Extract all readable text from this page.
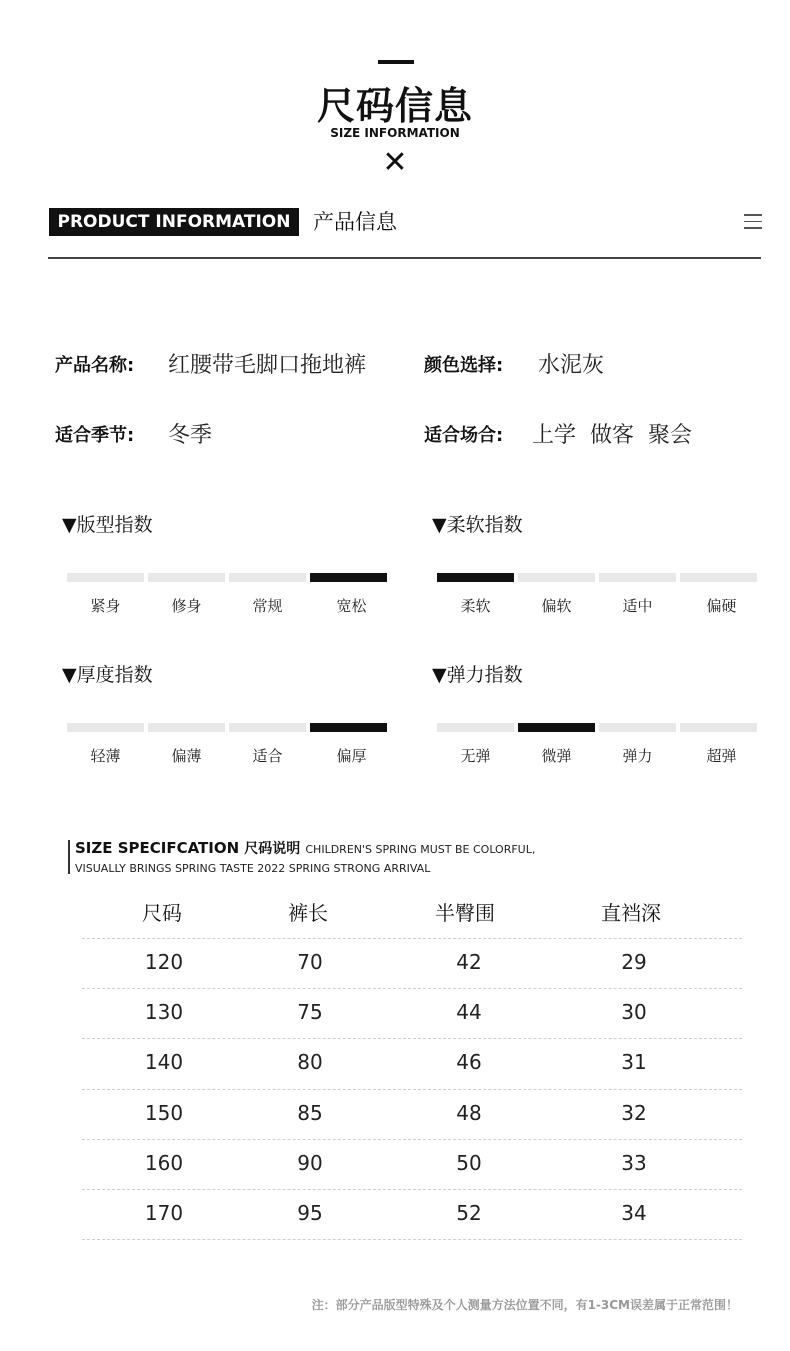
尺码信息
SIZE INFORMATION
✕
PRODUCT INFORMATION	产品信息
产品名称: 红腰带毛脚口拖地裤	颜色选择: 水泥灰
适合季节: 冬季	适合场合: 上学  做客  聚会
▼版型指数
紧身	修身	常规	宽松
▼柔软指数
柔软	偏软	适中	偏硬
▼厚度指数
轻薄	偏薄	适合	偏厚
▼弹力指数
无弹	微弹	弹力	超弹
SIZE SPECIFCATION 尺码说明 CHILDREN'S SPRING MUST BE COLORFUL,
VISUALLY BRINGS SPRING TASTE 2022 SPRING STRONG ARRIVAL
尺码	裤长	半臀围	直裆深
120	70	42	29
130	75	44	30
140	80	46	31
150	85	48	32
160	90	50	33
170	95	52	34
注：部分产品版型特殊及个人测量方法位置不同，有1-3CM误差属于正常范围！
